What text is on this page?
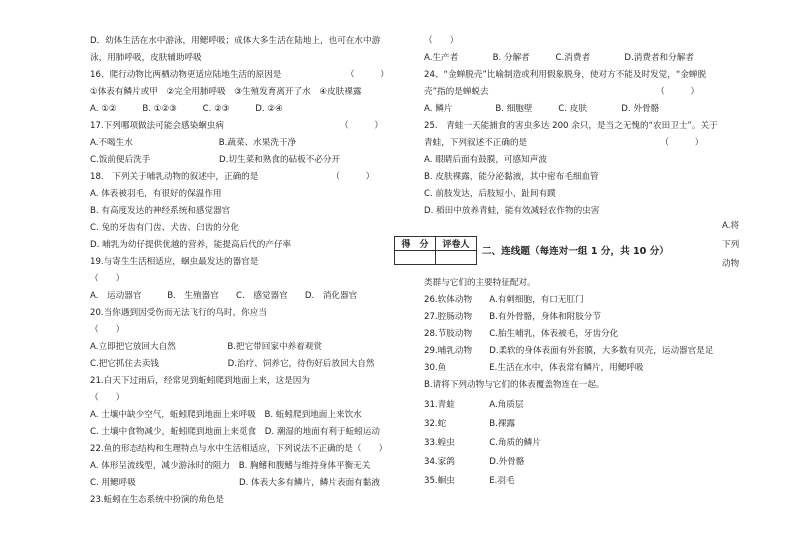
D．幼体生活在水中游泳，用鳃呼吸；成体大多生活在陆地上，也可在水中游
泳，用肺呼吸，皮肤辅助呼吸
16、爬行动物比两栖动物更适应陆地生活的原因是　　　　　　　　（　　　）
①体表有鳞片或甲　②完全用肺呼吸　③生殖发育离开了水　④皮肤裸露
A. ①②　　　B. ①②③　　　C. ②③　　　D. ②④
17.下列哪项做法可能会感染蛔虫病　　　　　　　　　　　　　　（　　　）
A.不喝生水　　　　　　　　　　B.蔬菜、水果洗干净
C.饭前便后洗手　　　　　　　　D.切生菜和熟食的砧板不必分开
18.　下列关于哺乳动物的叙述中，正确的是　　　　　　　　　（　　　）
A. 体表被羽毛，有很好的保温作用
B. 有高度发达的神经系统和感觉器官
C. 兔的牙齿有门齿、犬齿、臼齿的分化
D. 哺乳为幼仔提供优越的营养，能提高后代的产仔率
19.与寄生生活相适应，蛔虫最发达的器官是
（　　）
A.　运动器官　　　B.　生殖器官　　C.　感觉器官　　D.　消化器官
20.当你遇到因受伤而无法飞行的鸟时，你应当
（　　）
A.立即把它放回大自然　　　　　　B.把它带回家中养着观赏
C.把它抓住去卖钱　　　　　　　　D.治疗、饲养它，待伤好后放回大自然
21.白天下过雨后，经常见到蚯蚓爬到地面上来，这是因为
（　　）
A. 土壤中缺少空气，蚯蚓爬到地面上来呼吸　B. 蚯蚓爬到地面上来饮水
C. 土壤中食物减少，蚯蚓爬到地面上来觅食　D. 潮湿的地面有利于蚯蚓运动
22.鱼的形态结构和生理特点与水中生活相适应，下列说法不正确的是（　　）
A. 体形呈流线型，减少游泳时的阻力　B. 胸鳍和腹鳍与维持身体平衡无关
C. 用鳃呼吸　　　　　　　　　　　　D. 体表大多有鳞片，鳞片表面有黏液
23.蚯蚓在生态系统中扮演的角色是
（　　）
A.生产者　　　　B. 分解者　　　C.消费者　　　　D.消费者和分解者
24、“金蝉脱壳”比喻制造或利用假象脱身，使对方不能及时发觉，“金蝉脱
壳”指的是蝉蜕去　　　　　　　　　　　　　　　　　　　　（　　　）
A. 鳞片　　　　　B. 细胞壁　　　C. 皮肤　　　　D. 外骨骼
25.　青蛙一天能捕食的害虫多达 200 余只，是当之无愧的“农田卫士”。关于
青蛙，下列叙述不正确的是　　　　　　　　　　　　　　　　（　　　）
A. 眼睛后面有鼓膜，可感知声波
B. 皮肤裸露，能分泌黏液，其中密布毛细血管
C. 前肢发达，后肢短小，趾间有蹼
D. 稻田中放养青蛙，能有效减轻农作物的虫害
得　分	评卷人

二、连线题（每连对一组 1 分，共 10 分）
A.将
下列
动物
类群与它们的主要特征配对。
26.软体动物　　A.有刺细胞，有口无肛门
27.腔肠动物　　B.有外骨骼，身体和附肢分节
28.节肢动物　　C.胎生哺乳，体表被毛，牙齿分化
29.哺乳动物　　D.柔软的身体表面有外套膜，大多数有贝壳，运动器官是足
30.鱼　　　　　E.生活在水中，体表常有鳞片，用鳃呼吸
B.请将下列动物与它们的体表覆盖物连在一起。
31.青蛙　　　　A.角质层
32.蛇　　　　　B.裸露
33.蝗虫　　　　C.角质的鳞片
34.家鸽　　　　D.外骨骼
35.蛔虫　　　　E.羽毛
